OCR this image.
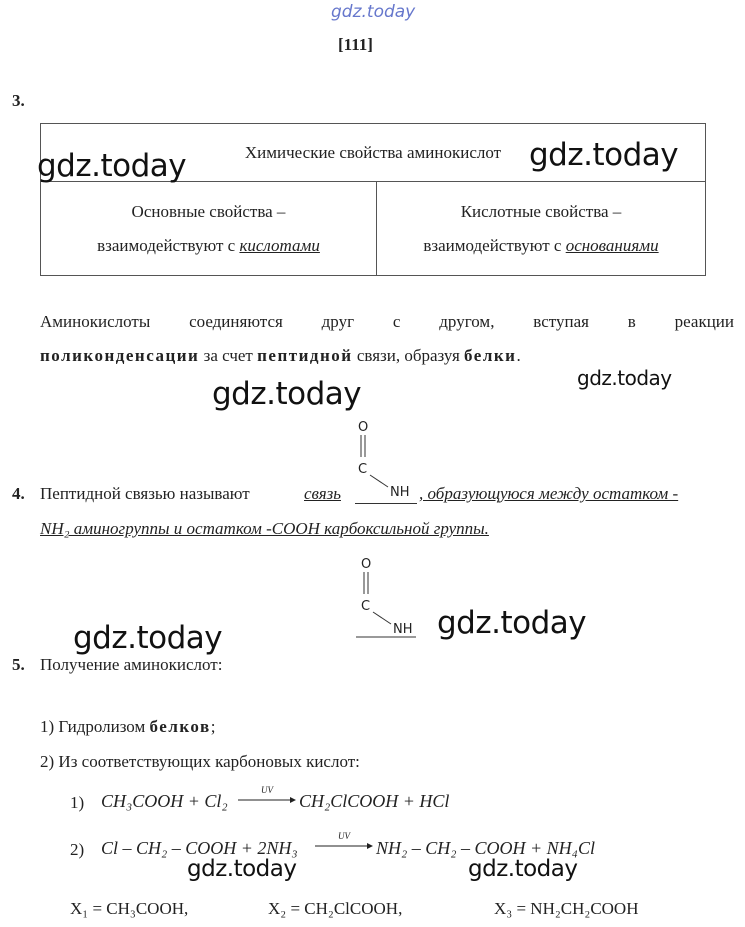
gdz.today
[111]
3.
Химические свойства аминокислот

Основные свойства –
взаимодействуют с кислотами

Кислотные свойства –
взаимодействуют с основаниями
Аминокислоты соединяются друг с другом, вступая в реакции
поликонденсации за счет пептидной связи, образуя белки.
O
C
NH
4. Пептидной связью называют	связь	, образующуюся между остатком -
NH₂ аминогруппы и остатком -COOH карбоксильной группы.
O
C
NH
5. Получение аминокислот:
1) Гидролизом белков;
2) Из соответствующих карбоновых кислот:
1) CH₃COOH + Cl₂
UV
CH₂ClCOOH + HCl
2) Cl – CH₂ – COOH + 2NH₃
UV
NH₂ – CH₂ – COOH + NH₄Cl
X₁ = CH₃COOH,	X₂ = CH₂ClCOOH,	X₃ = NH₂CH₂COOH
gdz.today	gdz.today
gdz.today	gdz.today
gdz.today	gdz.today
gdz.today	gdz.today
